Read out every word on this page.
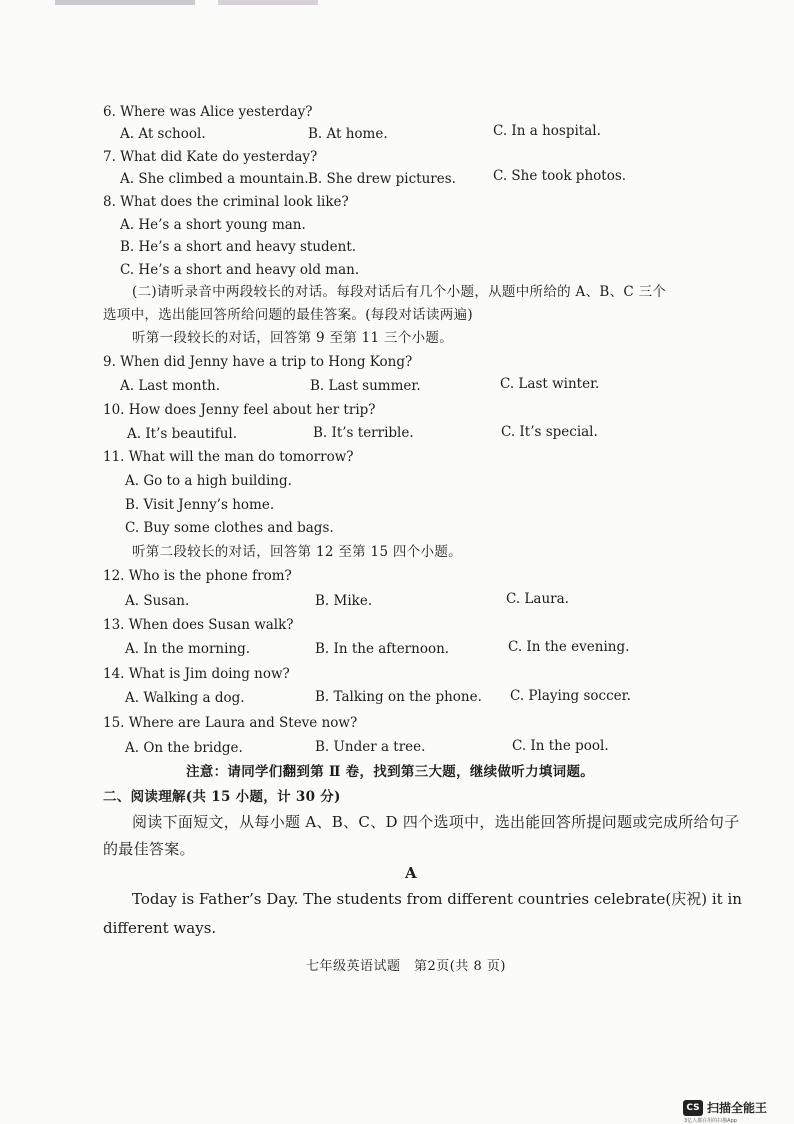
6. Where was Alice yesterday?
A. At school.	B. At home.	C. In a hospital.
7. What did Kate do yesterday?
A. She climbed a mountain. B. She drew pictures.	C. She took photos.
8. What does the criminal look like?
A. He’s a short young man.
B. He’s a short and heavy student.
C. He’s a short and heavy old man.
(二)请听录音中两段较长的对话。每段对话后有几个小题，从题中所给的 A、B、C 三个
选项中，选出能回答所给问题的最佳答案。(每段对话读两遍)
听第一段较长的对话，回答第 9 至第 11 三个小题。
9. When did Jenny have a trip to Hong Kong?
A. Last month.	B. Last summer.	C. Last winter.
10. How does Jenny feel about her trip?
A. It’s beautiful.	B. It’s terrible.	C. It’s special.
11. What will the man do tomorrow?
A. Go to a high building.
B. Visit Jenny’s home.
C. Buy some clothes and bags.
听第二段较长的对话，回答第 12 至第 15 四个小题。
12. Who is the phone from?
A. Susan.	B. Mike.	C. Laura.
13. When does Susan walk?
A. In the morning.	B. In the afternoon.	C. In the evening.
14. What is Jim doing now?
A. Walking a dog.	B. Talking on the phone. C. Playing soccer.
15. Where are Laura and Steve now?
A. On the bridge.	B. Under a tree.	C. In the pool.
注意：请同学们翻到第 Ⅱ 卷，找到第三大题，继续做听力填词题。
二、阅读理解(共 15 小题，计 30 分)
阅读下面短文，从每小题 A、B、C、D 四个选项中，选出能回答所提问题或完成所给句子
的最佳答案。
A
Today is Father’s Day. The students from different countries celebrate(庆祝) it in
different ways.
七年级英语试题　第2页(共 8 页)
CS 扫描全能王
3亿人都在用的扫描App
